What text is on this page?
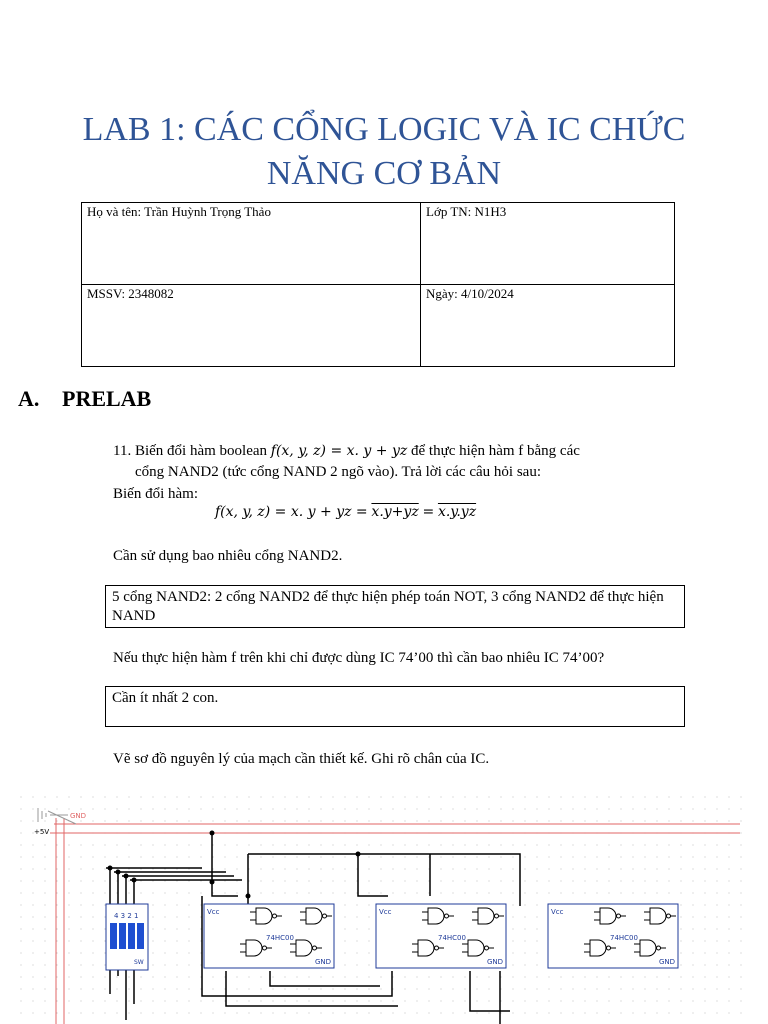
LAB 1: CÁC CỔNG LOGIC VÀ IC CHỨC
NĂNG CƠ BẢN
Họ và tên: Trần Huỳnh Trọng Thảo	Lớp TN: N1H3
MSSV: 2348082	Ngày: 4/10/2024
A. PRELAB
11. Biến đổi hàm boolean f(x, y, z) = x. y + yz để thực hiện hàm f bằng các
cổng NAND2 (tức cổng NAND 2 ngõ vào). Trả lời các câu hỏi sau:
Biến đổi hàm:
f(x, y, z) = x. y + yz = x.y+yz = x.y.yz
Cần sử dụng bao nhiêu cổng NAND2.
5 cổng NAND2: 2 cổng NAND2 để thực hiện phép toán NOT, 3 cổng NAND2 để thực hiện NAND
Nếu thực hiện hàm f trên khi chỉ được dùng IC 74’00 thì cần bao nhiêu IC 74’00?
Cần ít nhất 2 con.
Vẽ sơ đồ nguyên lý của mạch cần thiết kế. Ghi rõ chân của IC.
GND
+5V
4 3 2 1
SW
Vcc
74HC00
GND
Vcc
74HC00
GND
Vcc
74HC00
GND
